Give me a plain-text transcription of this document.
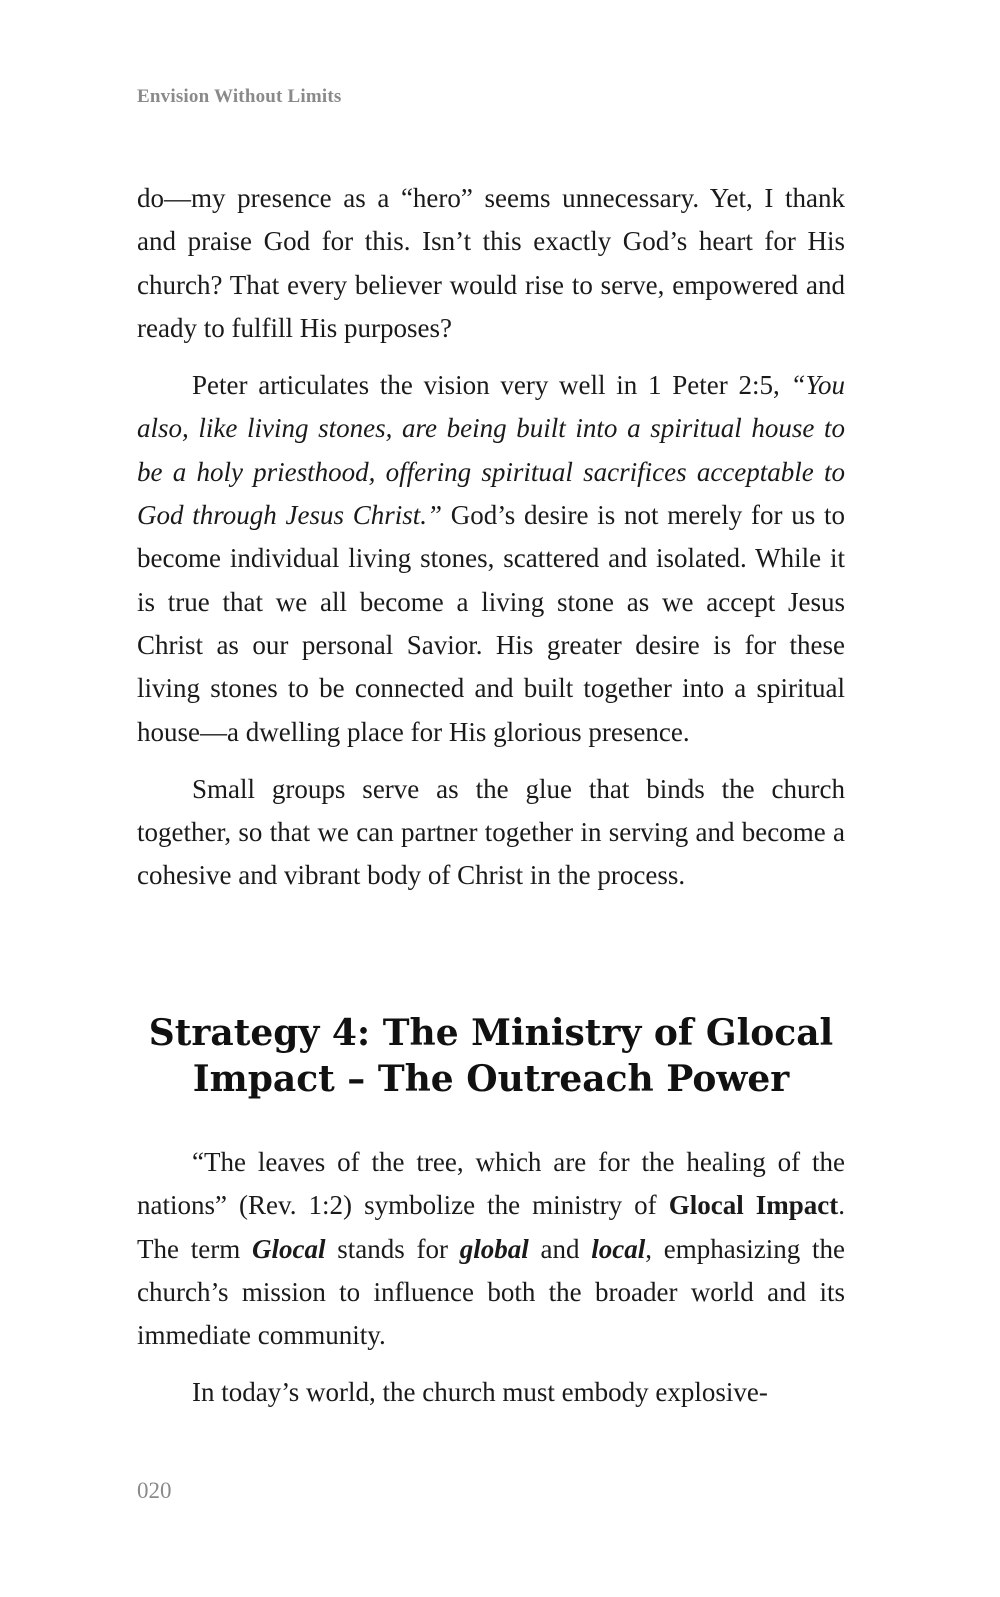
Envision Without Limits

do—my presence as a “hero” seems unnecessary. Yet, I thank and praise God for this. Isn’t this exactly God’s heart for His church? That every believer would rise to serve, empowered and ready to fulfill His purposes?

Peter articulates the vision very well in 1 Peter 2:5, “You also, like living stones, are being built into a spiritual house to be a holy priesthood, offering spiritual sacrifices acceptable to God through Jesus Christ.” God’s desire is not merely for us to become individual living stones, scattered and isolated. While it is true that we all become a living stone as we accept Jesus Christ as our personal Savior. His greater desire is for these living stones to be connected and built together into a spiritual house—a dwelling place for His glorious presence.

Small groups serve as the glue that binds the church together, so that we can partner together in serving and become a cohesive and vibrant body of Christ in the process.

Strategy 4: The Ministry of Glocal
Impact – The Outreach Power

“The leaves of the tree, which are for the healing of the nations” (Rev. 1:2) symbolize the ministry of Glocal Impact. The term Glocal stands for global and local, emphasizing the church’s mission to influence both the broader world and its immediate community.

In today’s world, the church must embody explosive-

020
